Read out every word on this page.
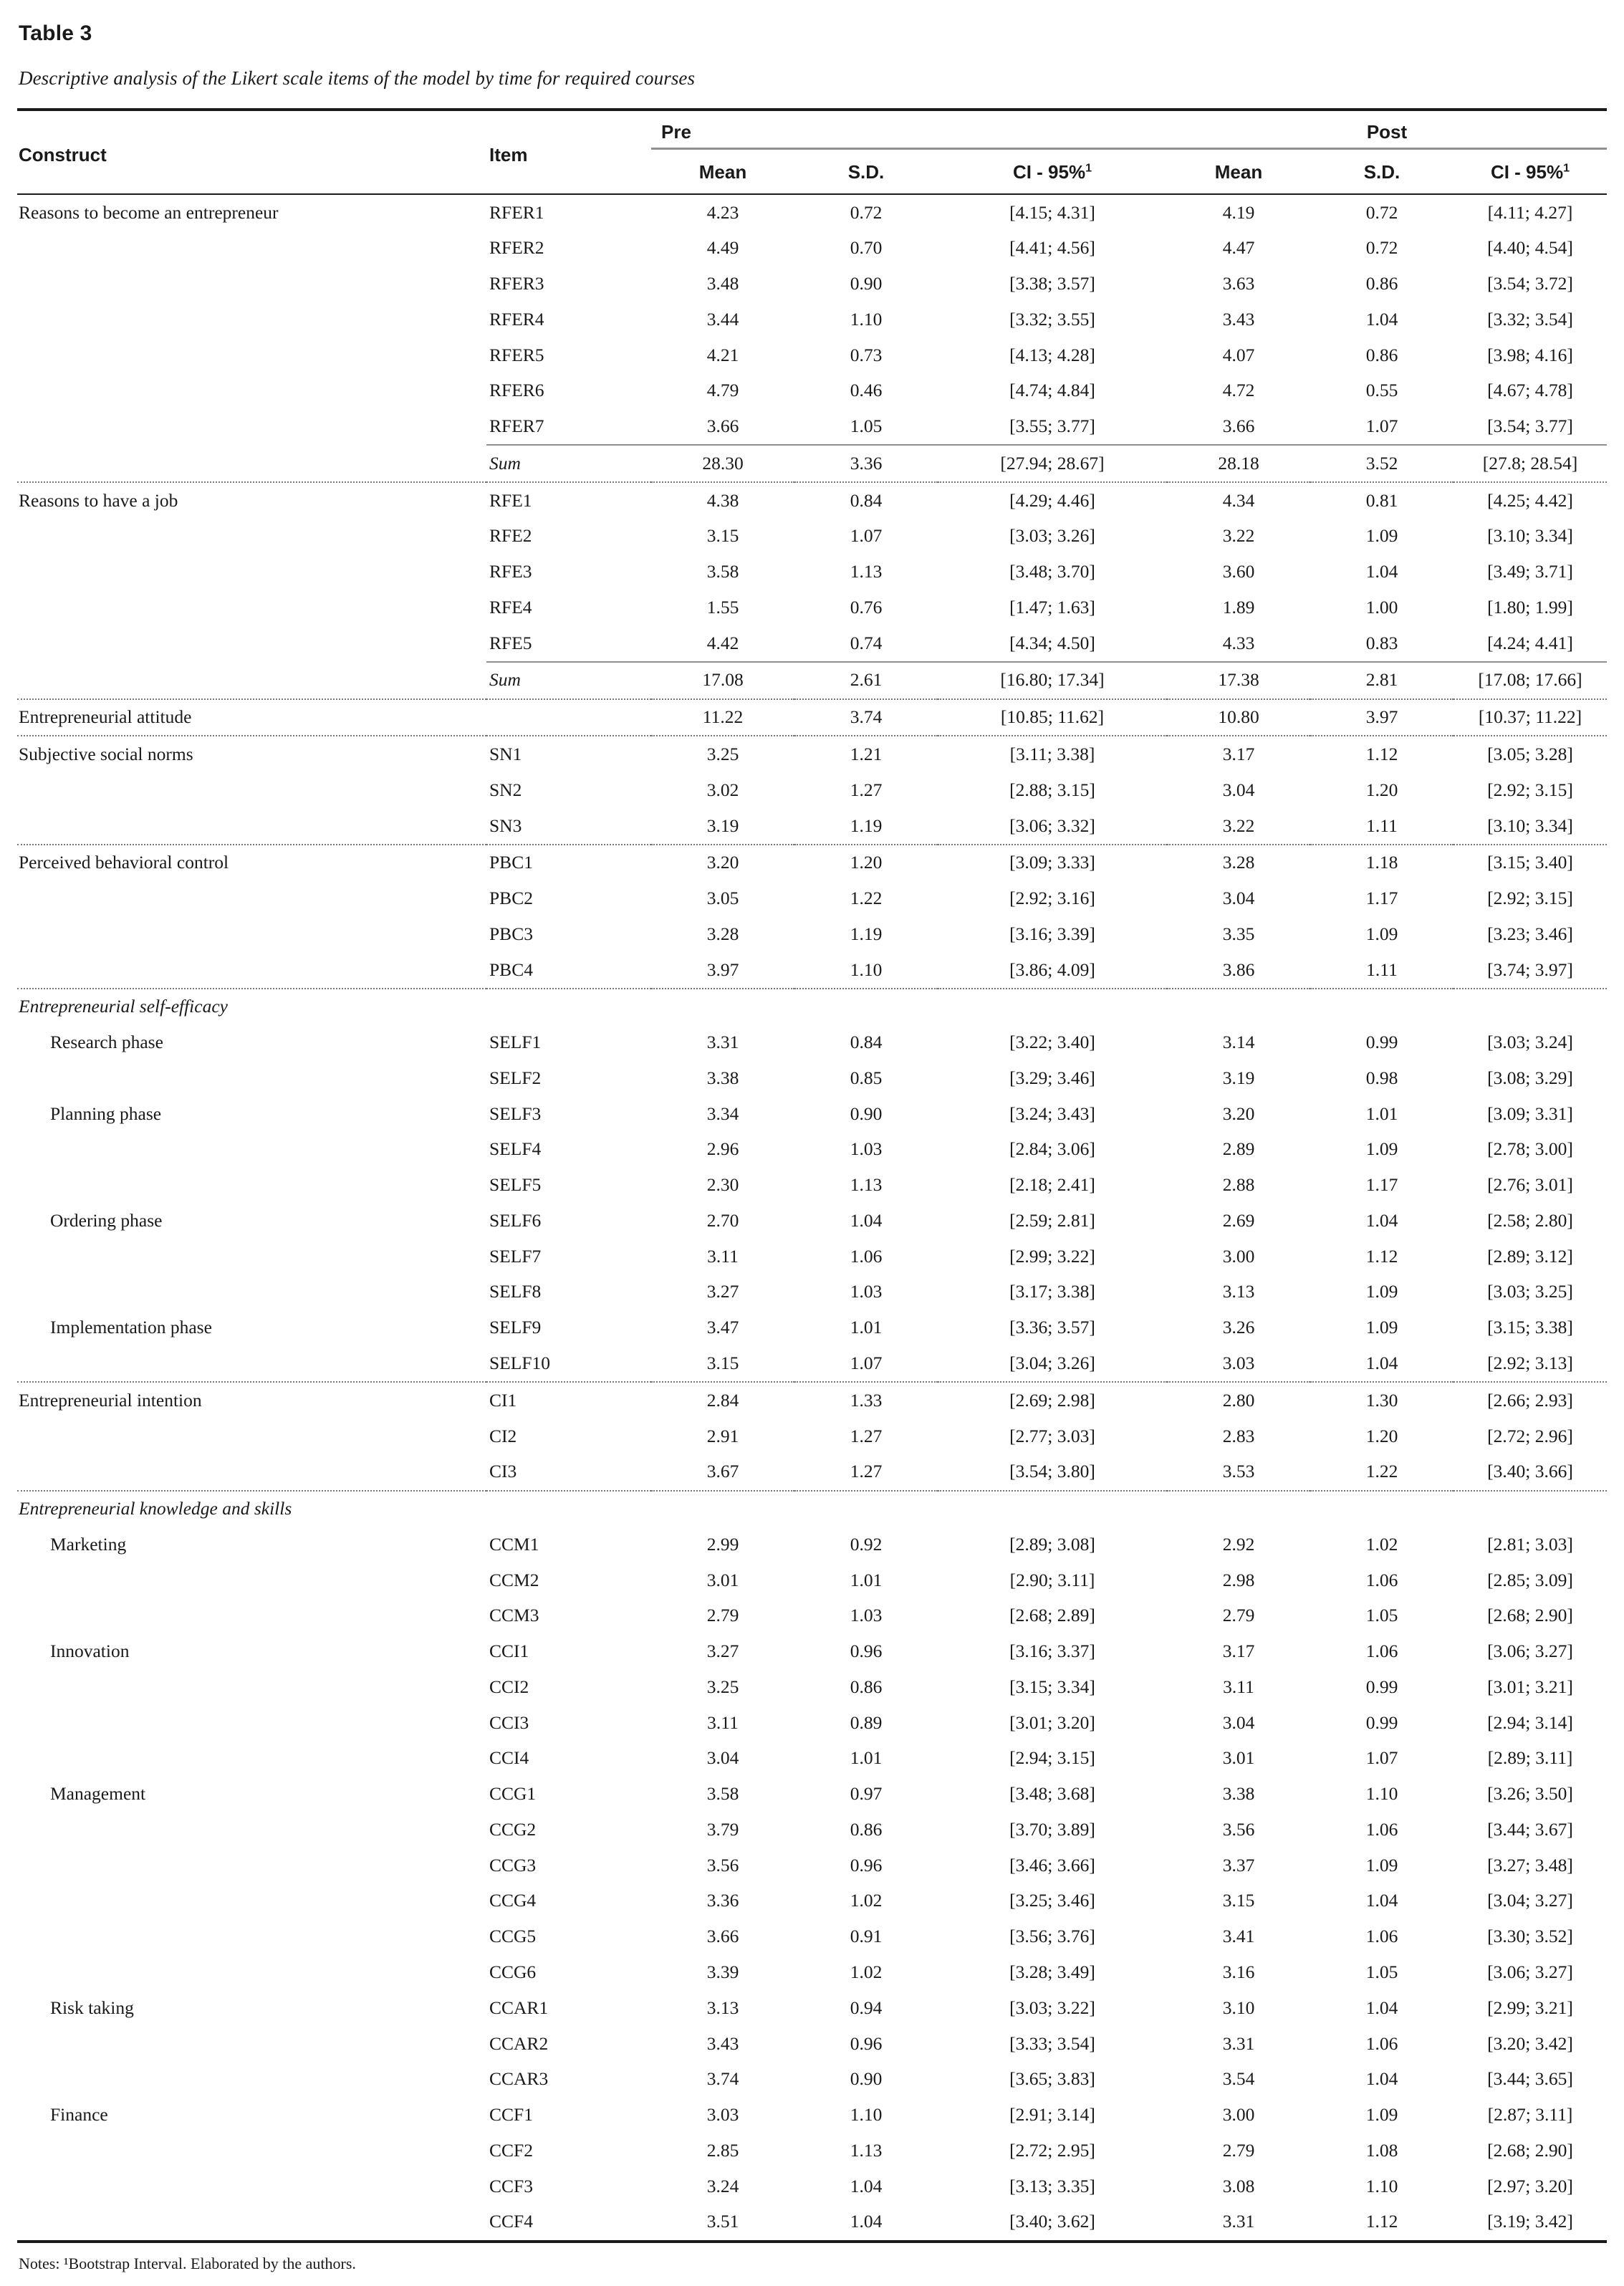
Table 3
Descriptive analysis of the Likert scale items of the model by time for required courses

Construct	Item	Pre			Post		
		Mean	S.D.	CI - 95%$^1$	Mean	S.D.	CI - 95%$^1$

Reasons to become an entrepreneur	RFER1	4.23	0.72	[4.15; 4.31]	4.19	0.72	[4.11; 4.27]
	RFER2	4.49	0.70	[4.41; 4.56]	4.47	0.72	[4.40; 4.54]
	RFER3	3.48	0.90	[3.38; 3.57]	3.63	0.86	[3.54; 3.72]
	RFER4	3.44	1.10	[3.32; 3.55]	3.43	1.04	[3.32; 3.54]
	RFER5	4.21	0.73	[4.13; 4.28]	4.07	0.86	[3.98; 4.16]
	RFER6	4.79	0.46	[4.74; 4.84]	4.72	0.55	[4.67; 4.78]
	RFER7	3.66	1.05	[3.55; 3.77]	3.66	1.07	[3.54; 3.77]

	Sum	28.30	3.36	[27.94; 28.67]	28.18	3.52	[27.8; 28.54]

Reasons to have a job	RFE1	4.38	0.84	[4.29; 4.46]	4.34	0.81	[4.25; 4.42]
	RFE2	3.15	1.07	[3.03; 3.26]	3.22	1.09	[3.10; 3.34]
	RFE3	3.58	1.13	[3.48; 3.70]	3.60	1.04	[3.49; 3.71]
	RFE4	1.55	0.76	[1.47; 1.63]	1.89	1.00	[1.80; 1.99]
	RFE5	4.42	0.74	[4.34; 4.50]	4.33	0.83	[4.24; 4.41]

	Sum	17.08	2.61	[16.80; 17.34]	17.38	2.81	[17.08; 17.66]

Entrepreneurial attitude		11.22	3.74	[10.85; 11.62]	10.80	3.97	[10.37; 11.22]

Subjective social norms	SN1	3.25	1.21	[3.11; 3.38]	3.17	1.12	[3.05; 3.28]
	SN2	3.02	1.27	[2.88; 3.15]	3.04	1.20	[2.92; 3.15]
	SN3	3.19	1.19	[3.06; 3.32]	3.22	1.11	[3.10; 3.34]

Perceived behavioral control	PBC1	3.20	1.20	[3.09; 3.33]	3.28	1.18	[3.15; 3.40]
	PBC2	3.05	1.22	[2.92; 3.16]	3.04	1.17	[2.92; 3.15]
	PBC3	3.28	1.19	[3.16; 3.39]	3.35	1.09	[3.23; 3.46]
	PBC4	3.97	1.10	[3.86; 4.09]	3.86	1.11	[3.74; 3.97]

Entrepreneurial self-efficacy							
Research phase	SELF1	3.31	0.84	[3.22; 3.40]	3.14	0.99	[3.03; 3.24]
	SELF2	3.38	0.85	[3.29; 3.46]	3.19	0.98	[3.08; 3.29]
Planning phase	SELF3	3.34	0.90	[3.24; 3.43]	3.20	1.01	[3.09; 3.31]
	SELF4	2.96	1.03	[2.84; 3.06]	2.89	1.09	[2.78; 3.00]
	SELF5	2.30	1.13	[2.18; 2.41]	2.88	1.17	[2.76; 3.01]
Ordering phase	SELF6	2.70	1.04	[2.59; 2.81]	2.69	1.04	[2.58; 2.80]
	SELF7	3.11	1.06	[2.99; 3.22]	3.00	1.12	[2.89; 3.12]
	SELF8	3.27	1.03	[3.17; 3.38]	3.13	1.09	[3.03; 3.25]
Implementation phase	SELF9	3.47	1.01	[3.36; 3.57]	3.26	1.09	[3.15; 3.38]
	SELF10	3.15	1.07	[3.04; 3.26]	3.03	1.04	[2.92; 3.13]

Entrepreneurial intention	CI1	2.84	1.33	[2.69; 2.98]	2.80	1.30	[2.66; 2.93]
	CI2	2.91	1.27	[2.77; 3.03]	2.83	1.20	[2.72; 2.96]
	CI3	3.67	1.27	[3.54; 3.80]	3.53	1.22	[3.40; 3.66]

Entrepreneurial knowledge and skills							
Marketing	CCM1	2.99	0.92	[2.89; 3.08]	2.92	1.02	[2.81; 3.03]
	CCM2	3.01	1.01	[2.90; 3.11]	2.98	1.06	[2.85; 3.09]
	CCM3	2.79	1.03	[2.68; 2.89]	2.79	1.05	[2.68; 2.90]
Innovation	CCI1	3.27	0.96	[3.16; 3.37]	3.17	1.06	[3.06; 3.27]
	CCI2	3.25	0.86	[3.15; 3.34]	3.11	0.99	[3.01; 3.21]
	CCI3	3.11	0.89	[3.01; 3.20]	3.04	0.99	[2.94; 3.14]
	CCI4	3.04	1.01	[2.94; 3.15]	3.01	1.07	[2.89; 3.11]
Management	CCG1	3.58	0.97	[3.48; 3.68]	3.38	1.10	[3.26; 3.50]
	CCG2	3.79	0.86	[3.70; 3.89]	3.56	1.06	[3.44; 3.67]
	CCG3	3.56	0.96	[3.46; 3.66]	3.37	1.09	[3.27; 3.48]
	CCG4	3.36	1.02	[3.25; 3.46]	3.15	1.04	[3.04; 3.27]
	CCG5	3.66	0.91	[3.56; 3.76]	3.41	1.06	[3.30; 3.52]
	CCG6	3.39	1.02	[3.28; 3.49]	3.16	1.05	[3.06; 3.27]
Risk taking	CCAR1	3.13	0.94	[3.03; 3.22]	3.10	1.04	[2.99; 3.21]
	CCAR2	3.43	0.96	[3.33; 3.54]	3.31	1.06	[3.20; 3.42]
	CCAR3	3.74	0.90	[3.65; 3.83]	3.54	1.04	[3.44; 3.65]
Finance	CCF1	3.03	1.10	[2.91; 3.14]	3.00	1.09	[2.87; 3.11]
	CCF2	2.85	1.13	[2.72; 2.95]	2.79	1.08	[2.68; 2.90]
	CCF3	3.24	1.04	[3.13; 3.35]	3.08	1.10	[2.97; 3.20]
	CCF4	3.51	1.04	[3.40; 3.62]	3.31	1.12	[3.19; 3.42]

Notes: ¹Bootstrap Interval. Elaborated by the authors.
